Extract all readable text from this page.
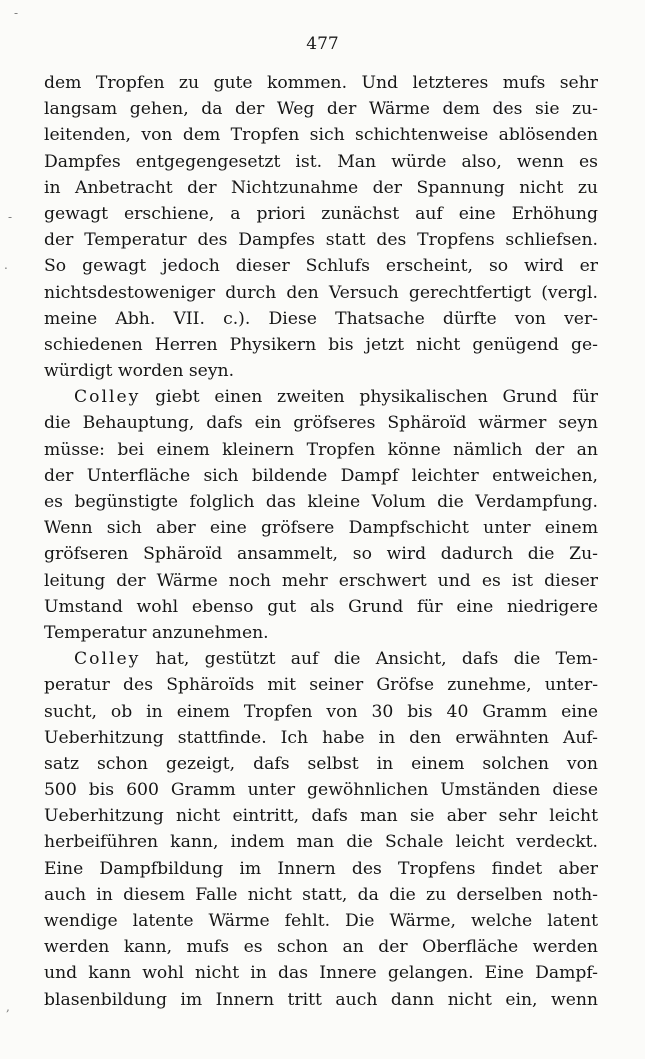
-
-
.
,
477
dem Tropfen zu gute kommen. Und letzteres mufs sehr
langsam gehen, da der Weg der Wärme dem des sie zu-
leitenden, von dem Tropfen sich schichtenweise ablösenden
Dampfes entgegengesetzt ist. Man würde also, wenn es
in Anbetracht der Nichtzunahme der Spannung nicht zu
gewagt erschiene, a priori zunächst auf eine Erhöhung
der Temperatur des Dampfes statt des Tropfens schliefsen.
So gewagt jedoch dieser Schlufs erscheint, so wird er
nichtsdestoweniger durch den Versuch gerechtfertigt (vergl.
meine Abh. VII. c.). Diese Thatsache dürfte von ver-
schiedenen Herren Physikern bis jetzt nicht genügend ge-
würdigt worden seyn.
Colley giebt einen zweiten physikalischen Grund für
die Behauptung, dafs ein gröfseres Sphäroïd wärmer seyn
müsse: bei einem kleinern Tropfen könne nämlich der an
der Unterfläche sich bildende Dampf leichter entweichen,
es begünstigte folglich das kleine Volum die Verdampfung.
Wenn sich aber eine gröfsere Dampfschicht unter einem
gröfseren Sphäroïd ansammelt, so wird dadurch die Zu-
leitung der Wärme noch mehr erschwert und es ist dieser
Umstand wohl ebenso gut als Grund für eine niedrigere
Temperatur anzunehmen.
Colley hat, gestützt auf die Ansicht, dafs die Tem-
peratur des Sphäroïds mit seiner Gröfse zunehme, unter-
sucht, ob in einem Tropfen von 30 bis 40 Gramm eine
Ueberhitzung stattfinde. Ich habe in den erwähnten Auf-
satz schon gezeigt, dafs selbst in einem solchen von
500 bis 600 Gramm unter gewöhnlichen Umständen diese
Ueberhitzung nicht eintritt, dafs man sie aber sehr leicht
herbeiführen kann, indem man die Schale leicht verdeckt.
Eine Dampfbildung im Innern des Tropfens findet aber
auch in diesem Falle nicht statt, da die zu derselben noth-
wendige latente Wärme fehlt. Die Wärme, welche latent
werden kann, mufs es schon an der Oberfläche werden
und kann wohl nicht in das Innere gelangen. Eine Dampf-
blasenbildung im Innern tritt auch dann nicht ein, wenn
